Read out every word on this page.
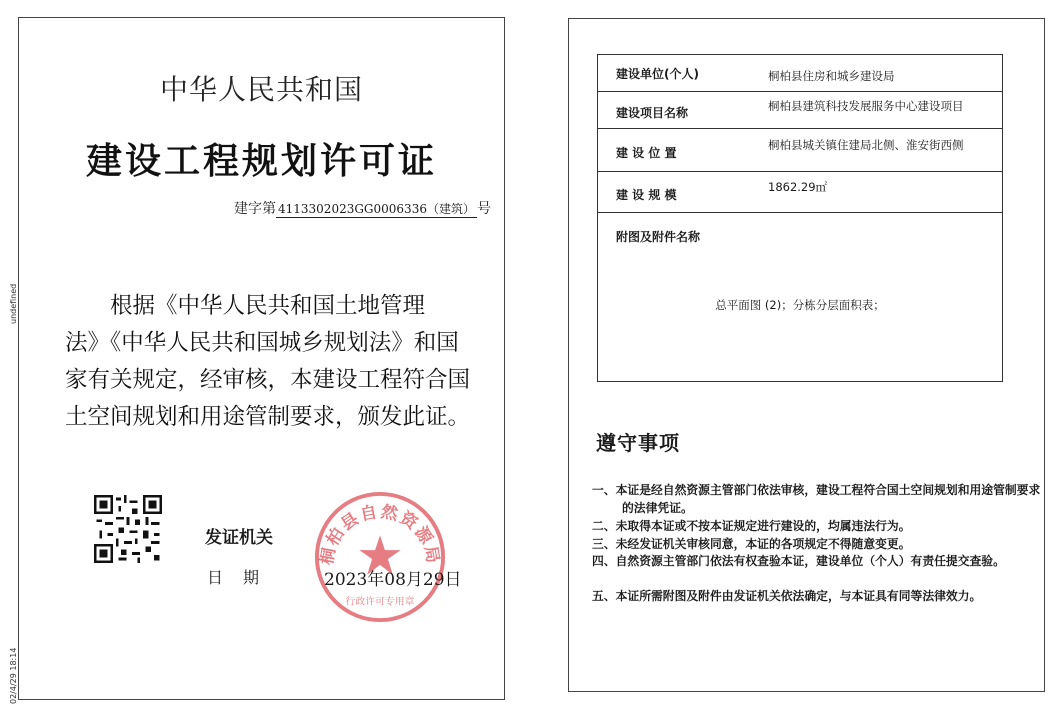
undefined
02/4/29 18:14
中华人民共和国
建设工程规划许可证
建字第 4113302023GG0006336（建筑） 号
根据《中华人民共和国土地管理法》《中华人民共和国城乡规划法》和国家有关规定，经审核，本建设工程符合国土空间规划和用途管制要求，颁发此证。
发证机关
日期
桐柏县自然资源局
行政许可专用章
2023年08月29日
建设单位(个人)	桐柏县住房和城乡建设局
建设项目名称	桐柏县建筑科技发展服务中心建设项目
建 设 位 置
桐柏县城关镇住建局北侧、淮安街西侧
建 设 规 模
1862.29㎡
附图及附件名称
总平面图 (2)；分栋分层面积表；
遵守事项
一、本证是经自然资源主管部门依法审核，建设工程符合国土空间规划和用途管制要求的法律凭证。
二、未取得本证或不按本证规定进行建设的，均属违法行为。
三、未经发证机关审核同意，本证的各项规定不得随意变更。
四、自然资源主管部门依法有权查验本证，建设单位（个人）有责任提交查验。
五、本证所需附图及附件由发证机关依法确定，与本证具有同等法律效力。
